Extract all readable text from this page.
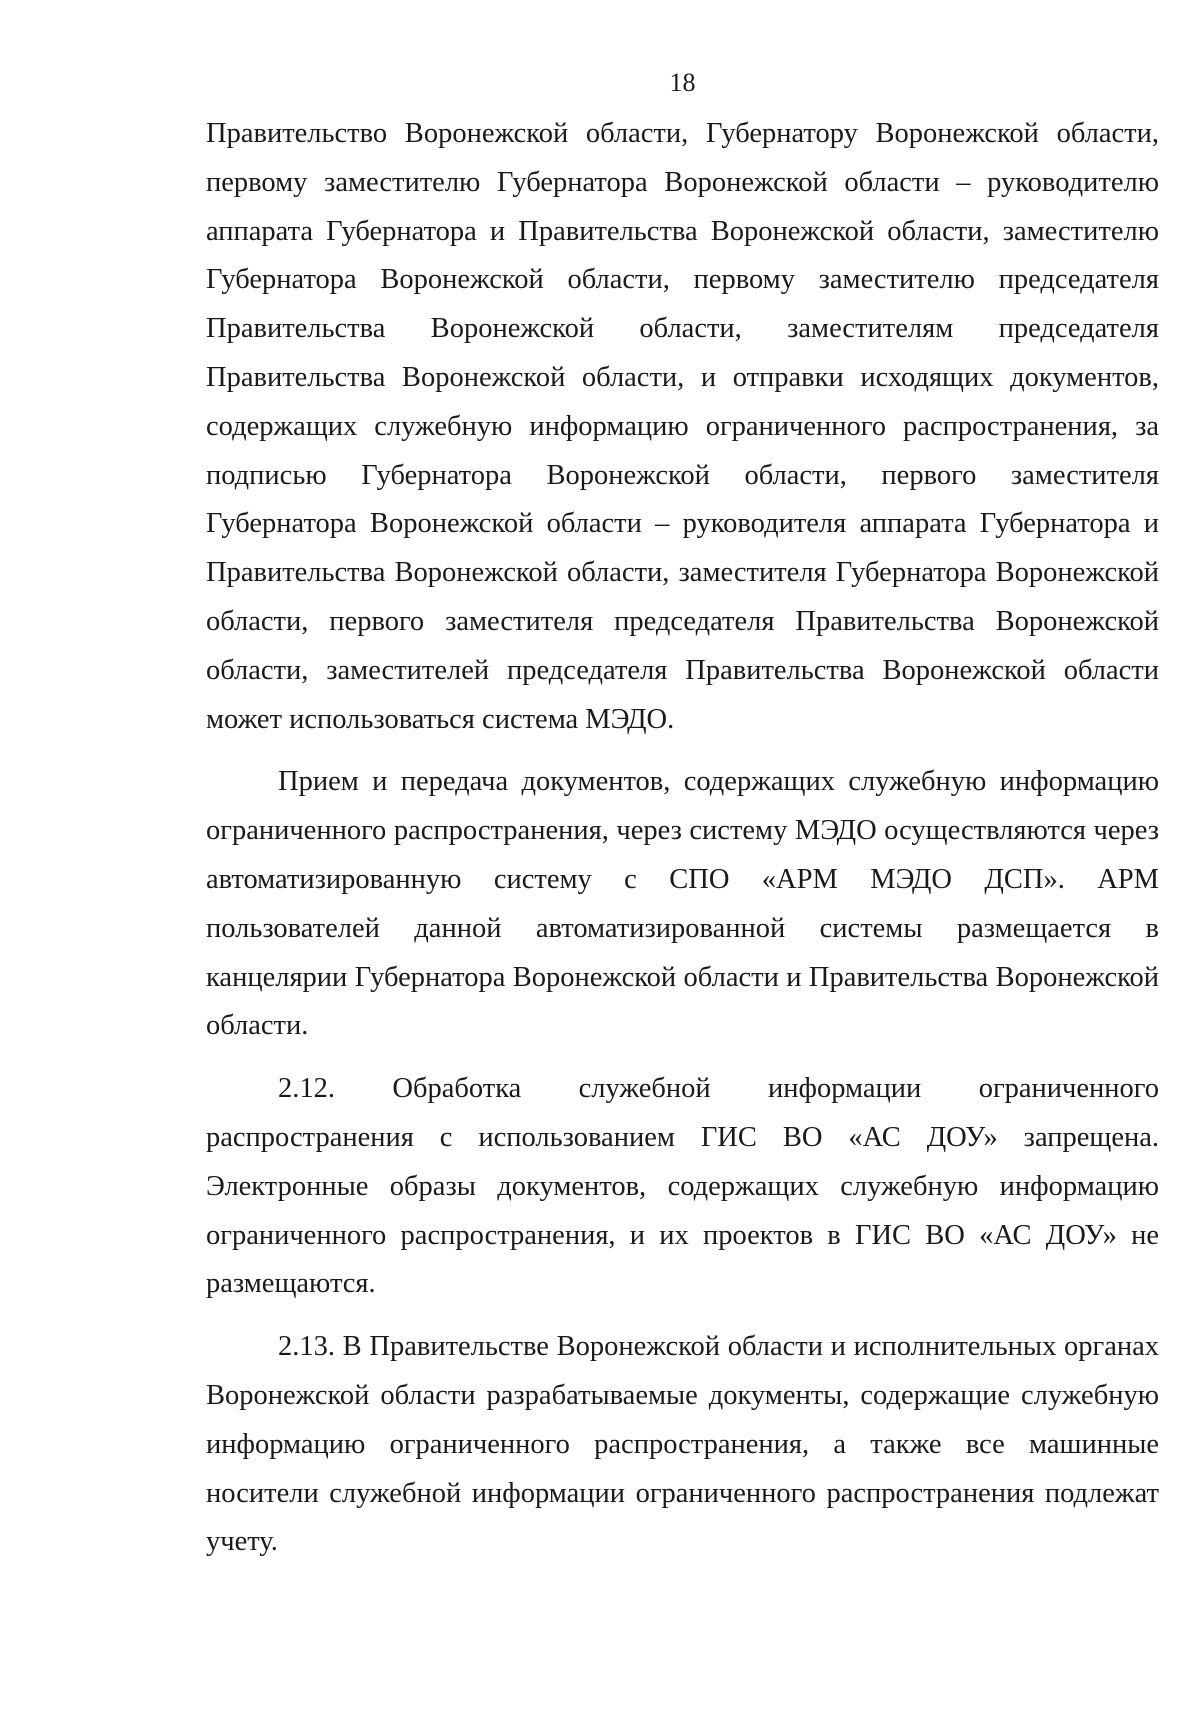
18

Правительство Воронежской области, Губернатору Воронежской области, первому заместителю Губернатора Воронежской области – руководителю аппарата Губернатора и Правительства Воронежской области, заместителю Губернатора Воронежской области, первому заместителю председателя Правительства Воронежской области, заместителям председателя Правительства Воронежской области, и отправки исходящих документов, содержащих служебную информацию ограниченного распространения, за подписью Губернатора Воронежской области, первого заместителя Губернатора Воронежской области – руководителя аппарата Губернатора и Правительства Воронежской области, заместителя Губернатора Воронежской области, первого заместителя председателя Правительства Воронежской области, заместителей председателя Правительства Воронежской области может использоваться система МЭДО.

Прием и передача документов, содержащих служебную информацию ограниченного распространения, через систему МЭДО осуществляются через автоматизированную систему с СПО «АРМ МЭДО ДСП». АРМ пользователей данной автоматизированной системы размещается в канцелярии Губернатора Воронежской области и Правительства Воронежской области.

2.12. Обработка служебной информации ограниченного распространения с использованием ГИС ВО «АС ДОУ» запрещена. Электронные образы документов, содержащих служебную информацию ограниченного распространения, и их проектов в ГИС ВО «АС ДОУ» не размещаются.

2.13. В Правительстве Воронежской области и исполнительных органах Воронежской области разрабатываемые документы, содержащие служебную информацию ограниченного распространения, а также все машинные носители служебной информации ограниченного распространения подлежат учету.
